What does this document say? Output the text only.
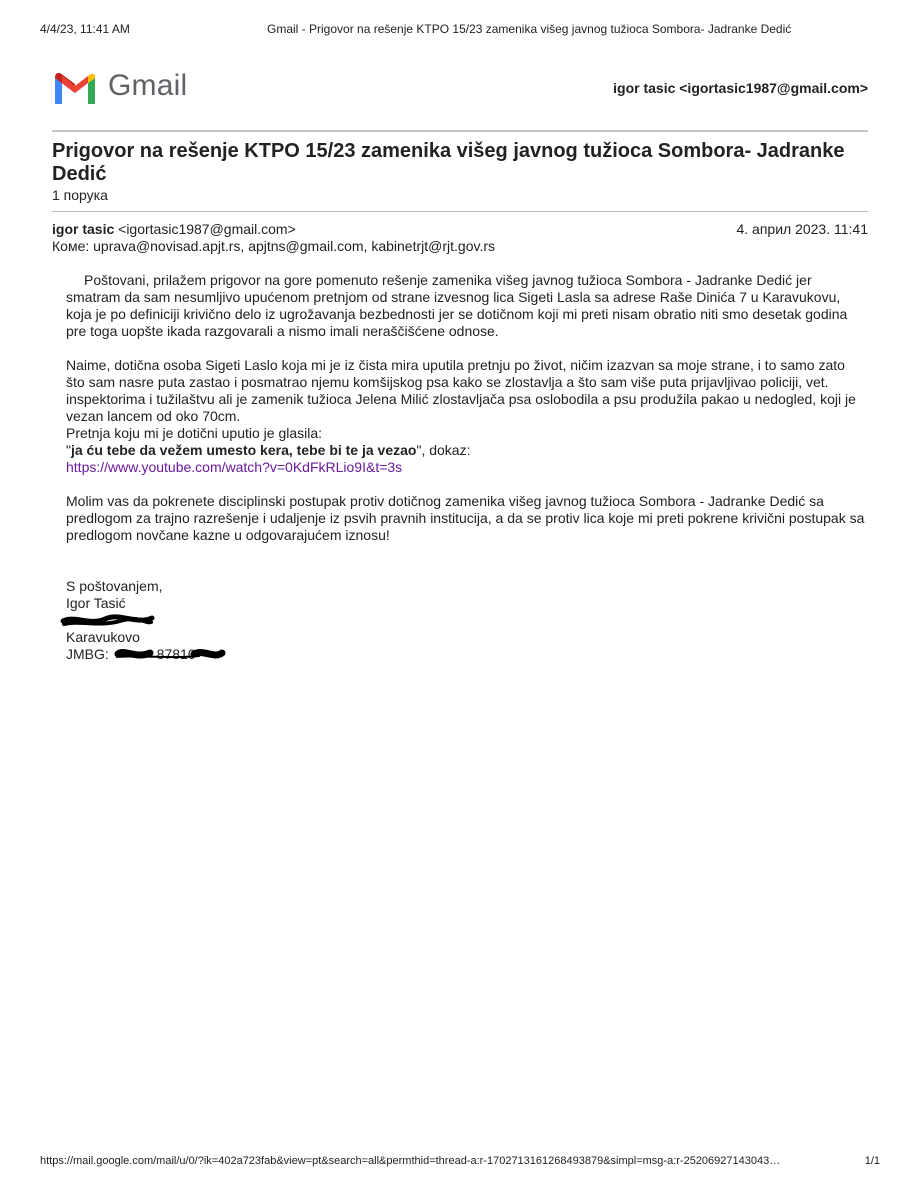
4/4/23, 11:41 AM	Gmail - Prigovor na rešenje KTPO 15/23 zamenika višeg javnog tužioca Sombora- Jadranke Dedić
Gmail	igor tasic <igortasic1987@gmail.com>
Prigovor na rešenje KTPO 15/23 zamenika višeg javnog tužioca Sombora- Jadranke Dedić
1 порука
igor tasic <igortasic1987@gmail.com>	4. април 2023. 11:41
Коме: uprava@novisad.apjt.rs, apjtns@gmail.com, kabinetrjt@rjt.gov.rs

Poštovani, prilažem prigovor na gore pomenuto rešenje zamenika višeg javnog tužioca Sombora - Jadranke Dedić jer smatram da sam nesumljivo upućenom pretnjom od strane izvesnog lica Sigeti Lasla sa adrese Raše Dinića 7 u Karavukovu, koja je po definiciji krivično delo iz ugrožavanja bezbednosti jer se dotičnom koji mi preti nisam obratio niti smo desetak godina pre toga uopšte ikada razgovarali a nismo imali neraščišćene odnose.

Naime, dotična osoba Sigeti Laslo koja mi je iz čista mira uputila pretnju po život, ničim izazvan sa moje strane, i to samo zato što sam nasre puta zastao i posmatrao njemu komšijskog psa kako se zlostavlja a što sam više puta prijavljivao policiji, vet. inspektorima i tužilaštvu ali je zamenik tužioca Jelena Milić zlostavljača psa oslobodila a psu produžila pakao u nedogled, koji je vezan lancem od oko 70cm.

Pretnja koju mi je dotični uputio je glasila:

"ja ću tebe da vežem umesto kera, tebe bi te ja vezao", dokaz:

https://www.youtube.com/watch?v=0KdFkRLio9I&t=3s

Molim vas da pokrenete disciplinski postupak protiv dotičnog zamenika višeg javnog tužioca Sombora - Jadranke Dedić sa predlogom za trajno razrešenje i udaljenje iz psvih pravnih institucija, a da se protiv lica koje mi preti pokrene krivični postupak sa predlogom novčane kazne u odgovarajućem iznosu!

S poštovanjem,
Igor Tasić
Karavukovo
JMBG:	87810
https://mail.google.com/mail/u/0/?ik=402a723fab&view=pt&search=all&permthid=thread-a:r-1702713161268493879&simpl=msg-a:r-25206927143043…	1/1
